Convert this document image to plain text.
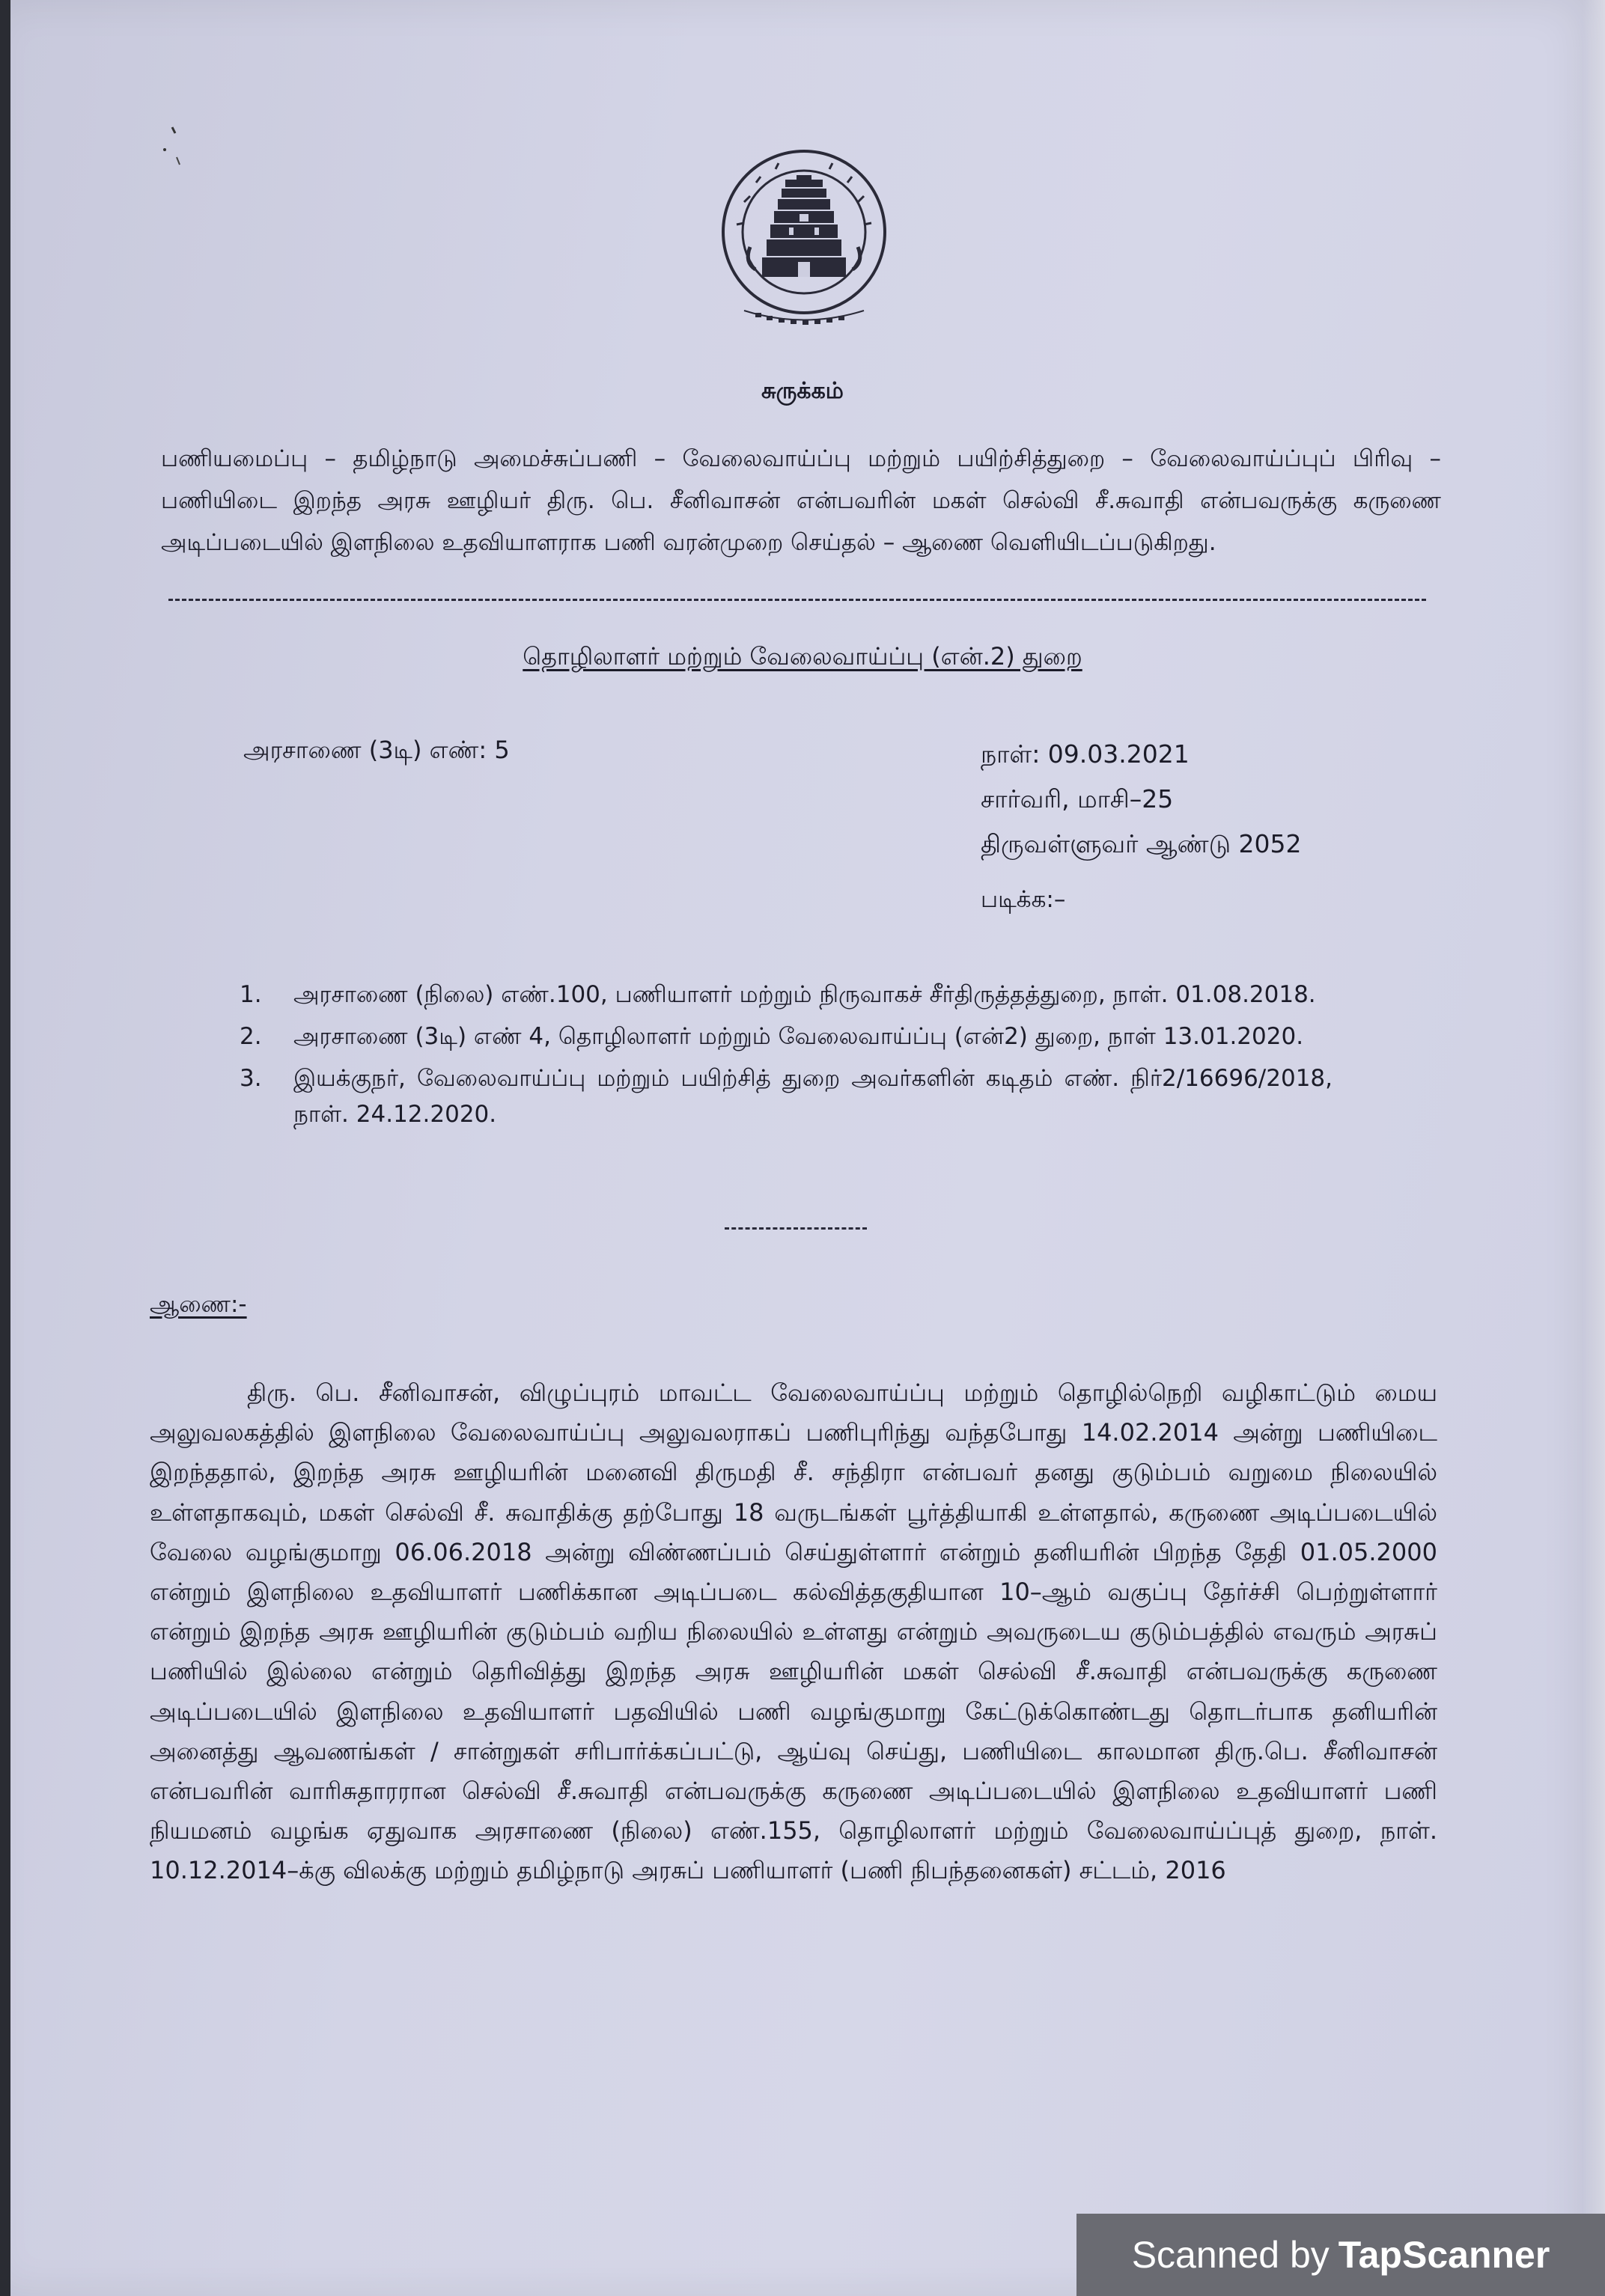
சுருக்கம்
பணியமைப்பு – தமிழ்நாடு அமைச்சுப்பணி – வேலைவாய்ப்பு மற்றும் பயிற்சித்துறை – வேலைவாய்ப்புப் பிரிவு – பணியிடை இறந்த அரசு ஊழியர் திரு. பெ. சீனிவாசன் என்பவரின் மகள் செல்வி சீ.சுவாதி என்பவருக்கு கருணை அடிப்படையில் இளநிலை உதவியாளராக பணி வரன்முறை செய்தல் – ஆணை வெளியிடப்படுகிறது.
தொழிலாளர் மற்றும் வேலைவாய்ப்பு (என்.2) துறை
அரசாணை (3டி) எண்: 5	நாள்: 09.03.2021
சார்வரி, மாசி–25
திருவள்ளுவர் ஆண்டு 2052
படிக்க:–
1. அரசாணை (நிலை) எண்.100, பணியாளர் மற்றும் நிருவாகச் சீர்திருத்தத்துறை, நாள். 01.08.2018.
2. அரசாணை (3டி) எண் 4, தொழிலாளர் மற்றும் வேலைவாய்ப்பு (என்2) துறை, நாள் 13.01.2020.
3. இயக்குநர், வேலைவாய்ப்பு மற்றும் பயிற்சித் துறை அவர்களின் கடிதம் எண். நிர்2/16696/2018, நாள். 24.12.2020.
ஆணை:-
திரு. பெ. சீனிவாசன், விழுப்புரம் மாவட்ட வேலைவாய்ப்பு மற்றும் தொழில்நெறி வழிகாட்டும் மைய அலுவலகத்தில் இளநிலை வேலைவாய்ப்பு அலுவலராகப் பணிபுரிந்து வந்தபோது 14.02.2014 அன்று பணியிடை இறந்ததால், இறந்த அரசு ஊழியரின் மனைவி திருமதி சீ. சந்திரா என்பவர் தனது குடும்பம் வறுமை நிலையில் உள்ளதாகவும், மகள் செல்வி சீ. சுவாதிக்கு தற்போது 18 வருடங்கள் பூர்த்தியாகி உள்ளதால், கருணை அடிப்படையில் வேலை வழங்குமாறு 06.06.2018 அன்று விண்ணப்பம் செய்துள்ளார் என்றும் தனியரின் பிறந்த தேதி 01.05.2000 என்றும் இளநிலை உதவியாளர் பணிக்கான அடிப்படை கல்வித்தகுதியான 10–ஆம் வகுப்பு தேர்ச்சி பெற்றுள்ளார் என்றும் இறந்த அரசு ஊழியரின் குடும்பம் வறிய நிலையில் உள்ளது என்றும் அவருடைய குடும்பத்தில் எவரும் அரசுப் பணியில் இல்லை என்றும் தெரிவித்து இறந்த அரசு ஊழியரின் மகள் செல்வி சீ.சுவாதி என்பவருக்கு கருணை அடிப்படையில் இளநிலை உதவியாளர் பதவியில் பணி வழங்குமாறு கேட்டுக்கொண்டது தொடர்பாக தனியரின் அனைத்து ஆவணங்கள் / சான்றுகள் சரிபார்க்கப்பட்டு, ஆய்வு செய்து, பணியிடை காலமான திரு.பெ. சீனிவாசன் என்பவரின் வாரிசுதாரரான செல்வி சீ.சுவாதி என்பவருக்கு கருணை அடிப்படையில் இளநிலை உதவியாளர் பணி நியமனம் வழங்க ஏதுவாக அரசாணை (நிலை) எண்.155, தொழிலாளர் மற்றும் வேலைவாய்ப்புத் துறை, நாள். 10.12.2014–க்கு விலக்கு மற்றும் தமிழ்நாடு அரசுப் பணியாளர் (பணி நிபந்தனைகள்) சட்டம், 2016
Scanned by TapScanner
